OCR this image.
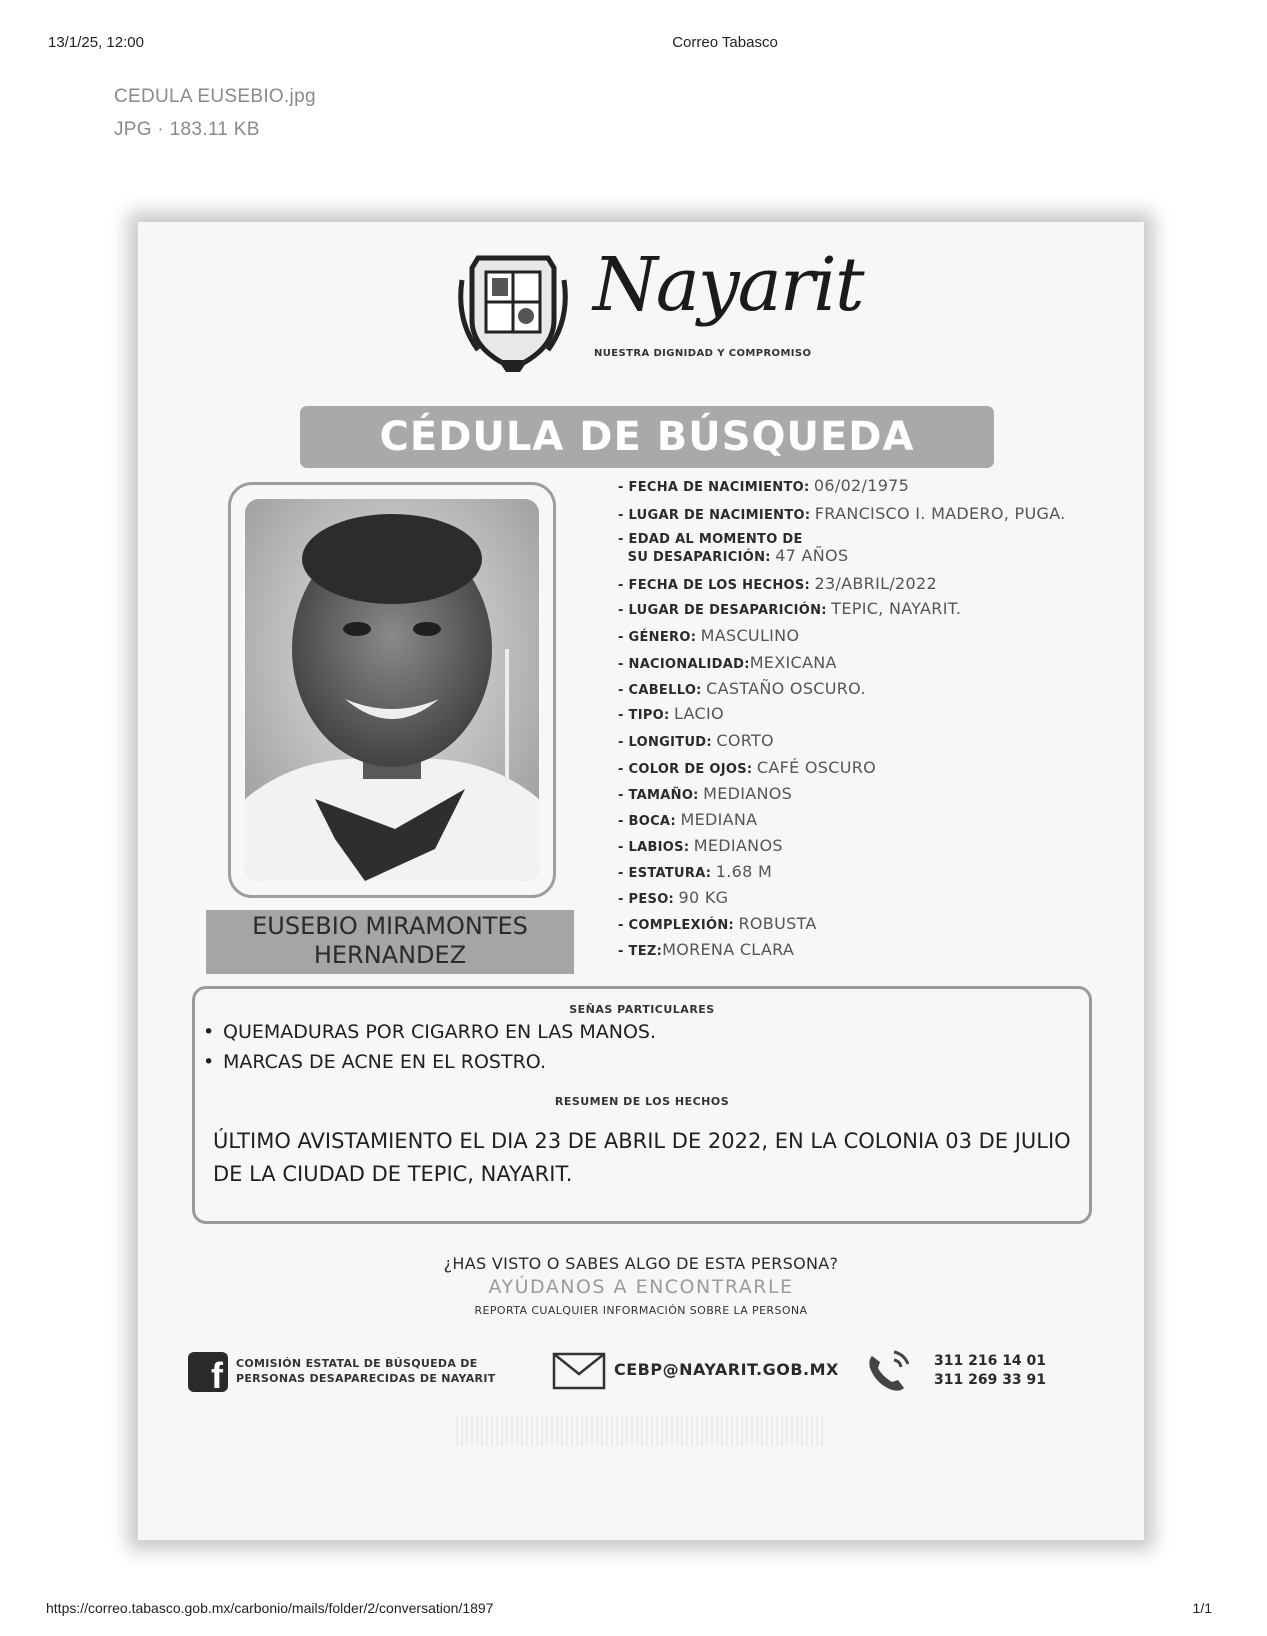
13/1/25, 12:00	Correo Tabasco
CEDULA EUSEBIO.jpg
JPG · 183.11 KB
Nayarit
NUESTRA DIGNIDAD Y COMPROMISO
CÉDULA DE BÚSQUEDA
EUSEBIO MIRAMONTES
HERNANDEZ
- FECHA DE NACIMIENTO: 06/02/1975
- LUGAR DE NACIMIENTO: FRANCISCO I. MADERO, PUGA.
- EDAD AL MOMENTO DE
SU DESAPARICIÓN: 47 AÑOS
- FECHA DE LOS HECHOS: 23/ABRIL/2022
- LUGAR DE DESAPARICIÓN: TEPIC, NAYARIT.
- GÉNERO: MASCULINO
- NACIONALIDAD:MEXICANA
- CABELLO: CASTAÑO OSCURO.
- TIPO: LACIO
- LONGITUD: CORTO
- COLOR DE OJOS: CAFÉ OSCURO
- TAMAÑO: MEDIANOS
- BOCA: MEDIANA
- LABIOS: MEDIANOS
- ESTATURA: 1.68 M
- PESO: 90 KG
- COMPLEXIÓN: ROBUSTA
- TEZ:MORENA CLARA
SEÑAS PARTICULARES
• QUEMADURAS POR CIGARRO EN LAS MANOS.
• MARCAS DE ACNE EN EL ROSTRO.
RESUMEN DE LOS HECHOS
ÚLTIMO AVISTAMIENTO EL DIA 23 DE ABRIL DE 2022, EN LA COLONIA 03 DE JULIO DE LA CIUDAD DE TEPIC, NAYARIT.
¿HAS VISTO O SABES ALGO DE ESTA PERSONA?
AYÚDANOS A ENCONTRARLE
REPORTA CUALQUIER INFORMACIÓN SOBRE LA PERSONA
f	COMISIÓN ESTATAL DE BÚSQUEDA DE
PERSONAS DESAPARECIDAS DE NAYARIT	CEBP@NAYARIT.GOB.MX	311 216 14 01
311 269 33 91
https://correo.tabasco.gob.mx/carbonio/mails/folder/2/conversation/1897	1/1
